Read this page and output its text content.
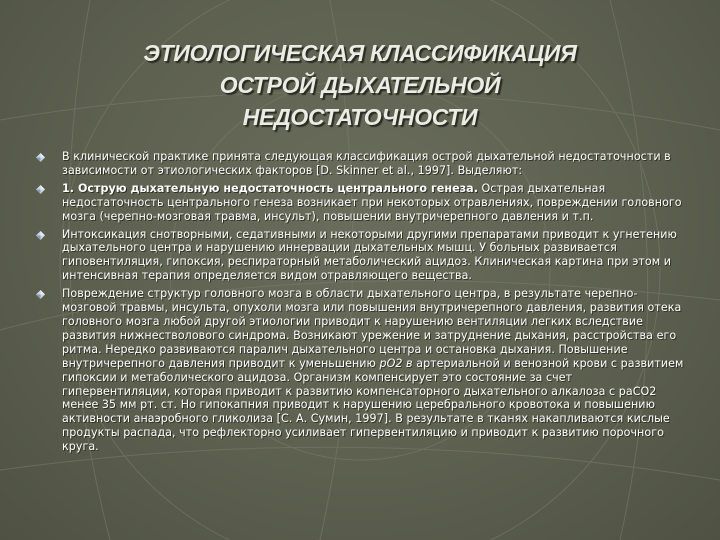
ЭТИОЛОГИЧЕСКАЯ КЛАССИФИКАЦИЯ
ОСТРОЙ ДЫХАТЕЛЬНОЙ
НЕДОСТАТОЧНОСТИ
В клинической практике принята следующая классификация острой дыхательной недостаточности в зависимости от этиологических факторов [D. Skinner et al., 1997]. Выделяют:
1. Острую дыхательную недостаточность центрального генеза. Острая дыхательная недостаточность центрального генеза возникает при некоторых отравлениях, повреждении головного мозга (черепно-мозговая травма, инсульт), повышении внутричерепного давления и т.п.
Интоксикация снотворными, седативными и некоторыми другими препаратами приводит к угнетению дыхательного центра и нарушению иннервации дыхательных мышц. У больных развивается гиповентиляция, гипоксия, респираторный метаболический ацидоз. Клиническая картина при этом и интенсивная терапия определяется видом отравляющего вещества.
Повреждение структур головного мозга в области дыхательного центра, в результате черепно-мозговой травмы, инсульта, опухоли мозга или повышения внутричерепного давления, развития отека головного мозга любой другой этиологии приводит к нарушению вентиляции легких вследствие развития нижнестволового синдрома. Возникают урежение и затруднение дыхания, расстройства его ритма. Нередко развиваются паралич дыхательного центра и остановка дыхания. Повышение внутричерепного давления приводит к уменьшению pO2 в артериальной и венозной крови с развитием гипоксии и метаболического ацидоза. Организм компенсирует это состояние за счет гипервентиляции, которая приводит к развитию компенсаторного дыхательного алкалоза с раCO2 менее 35 мм рт. ст. Но гипокапния приводит к нарушению церебрального кровотока и повышению активности анаэробного гликолиза [С. А. Сумин, 1997]. В результате в тканях накапливаются кислые продукты распада, что рефлекторно усиливает гипервентиляцию и приводит к развитию порочного круга.
